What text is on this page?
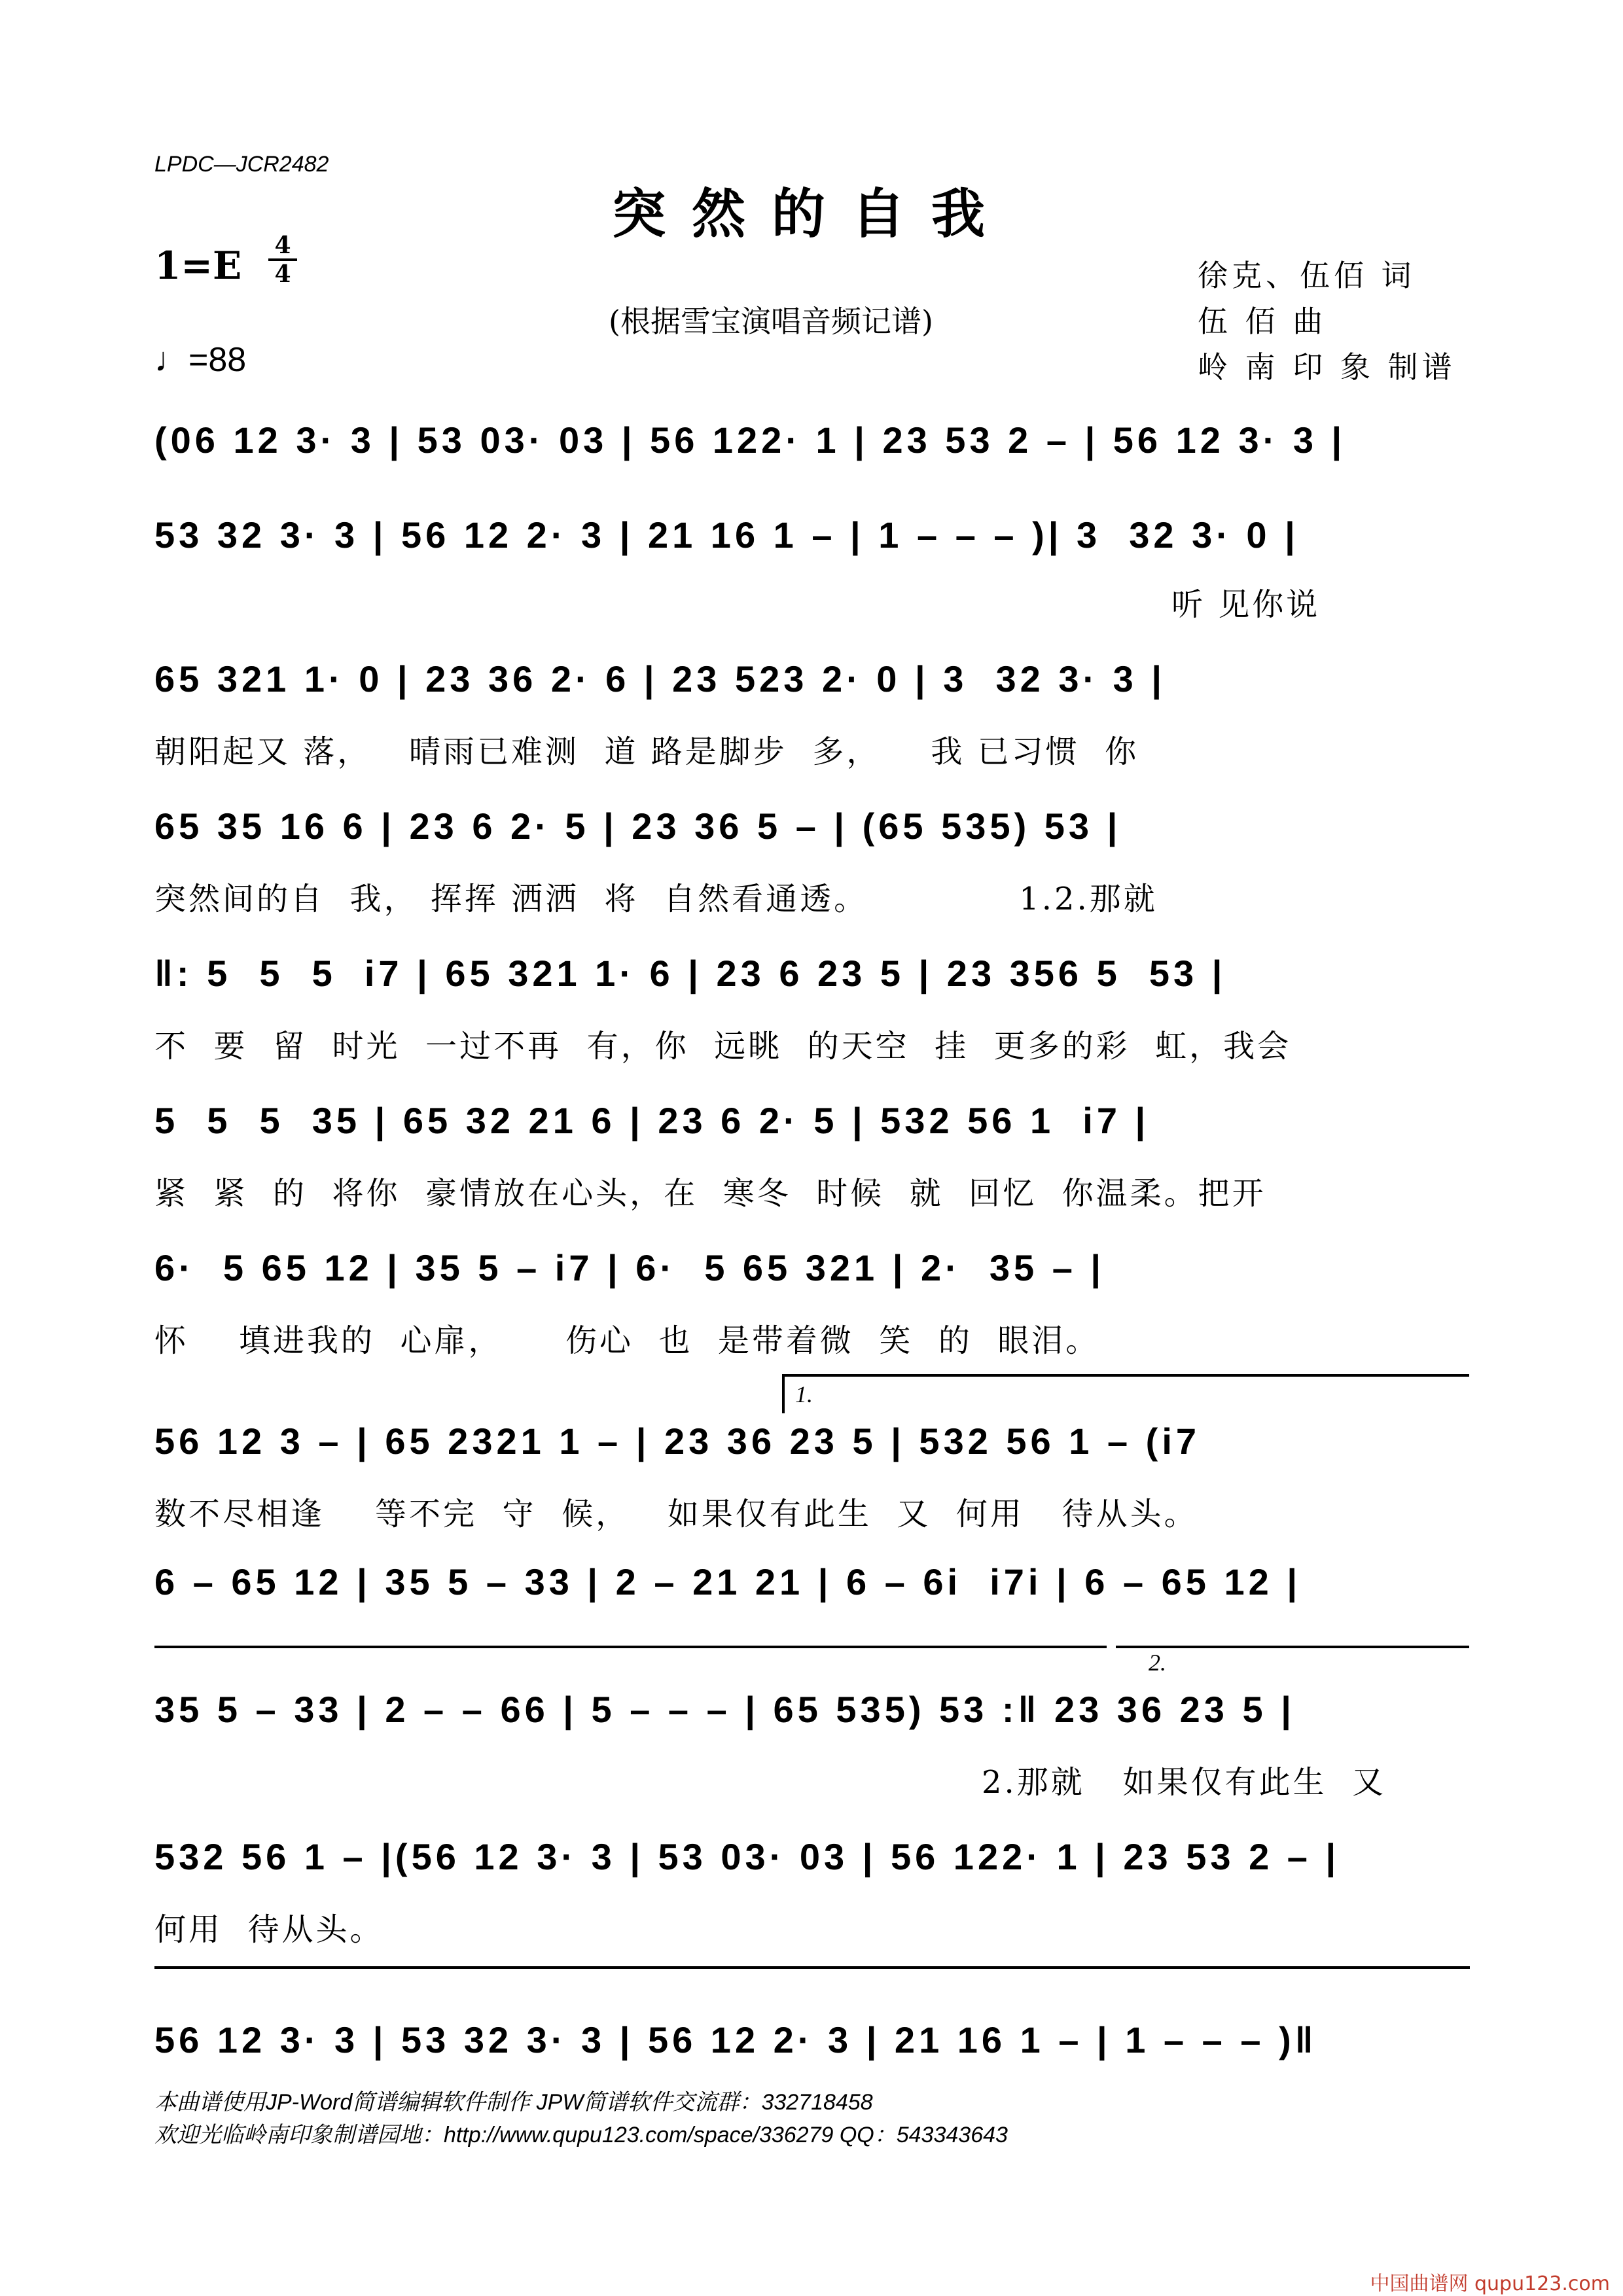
LPDC—JCR2482
突然的自我
1=E 4
4
♩=88
(根据雪宝演唱音频记谱)
徐克、伍佰 词
伍 佰 曲
岭 南 印 象 制谱
(06 12 3· 3 | 53 03· 03 | 56 122· 1 | 23 53 2 – | 56 12 3· 3 |
53 32 3· 3 | 56 12 2· 3 | 21 16 1 – | 1 – – – )| 3  32 3· 0 |
听 见你说
65 321 1· 0 | 23 36 2· 6 | 23 523 2· 0 | 3  32 3· 3 |
朝阳起又 落，   晴雨已难测  道 路是脚步  多，    我 已习惯  你
65 35 16 6 | 23 6 2· 5 | 23 36 5 – | (65 535) 53 |
突然间的自  我， 挥挥 洒洒  将  自然看通透。            1.2.那就
‖: 5  5  5  i7 | 65 321 1· 6 | 23 6 23 5 | 23 356 5  53 |
不  要  留  时光  一过不再  有，你  远眺  的天空  挂  更多的彩  虹，我会
5  5  5  35 | 65 32 21 6 | 23 6 2· 5 | 532 56 1  i7 |
紧  紧  的  将你  豪情放在心头，在  寒冬  时候  就  回忆  你温柔。把开
6·  5 65 12 | 35 5 – i7 | 6·  5 65 321 | 2·  35 – |
怀    填进我的  心扉，     伤心  也  是带着微  笑  的  眼泪。
1.
56 12 3 – | 65 2321 1 – | 23 36 23 5 | 532 56 1 – (i7
数不尽相逢    等不完  守  候，   如果仅有此生  又  何用   待从头。
6 – 65 12 | 35 5 – 33 | 2 – 21 21 | 6 – 6i  i7i | 6 – 65 12 |
2.
35 5 – 33 | 2 – – 66 | 5 – – – | 65 535) 53 :‖ 23 36 23 5 |
2.那就   如果仅有此生  又
532 56 1 – |(56 12 3· 3 | 53 03· 03 | 56 122· 1 | 23 53 2 – |
何用  待从头。
56 12 3· 3 | 53 32 3· 3 | 56 12 2· 3 | 21 16 1 – | 1 – – – )‖
本曲谱使用JP-Word简谱编辑软件制作 JPW简谱软件交流群：332718458
欢迎光临岭南印象制谱园地：http://www.qupu123.com/space/336279 QQ：543343643
中国曲谱网 qupu123.com
